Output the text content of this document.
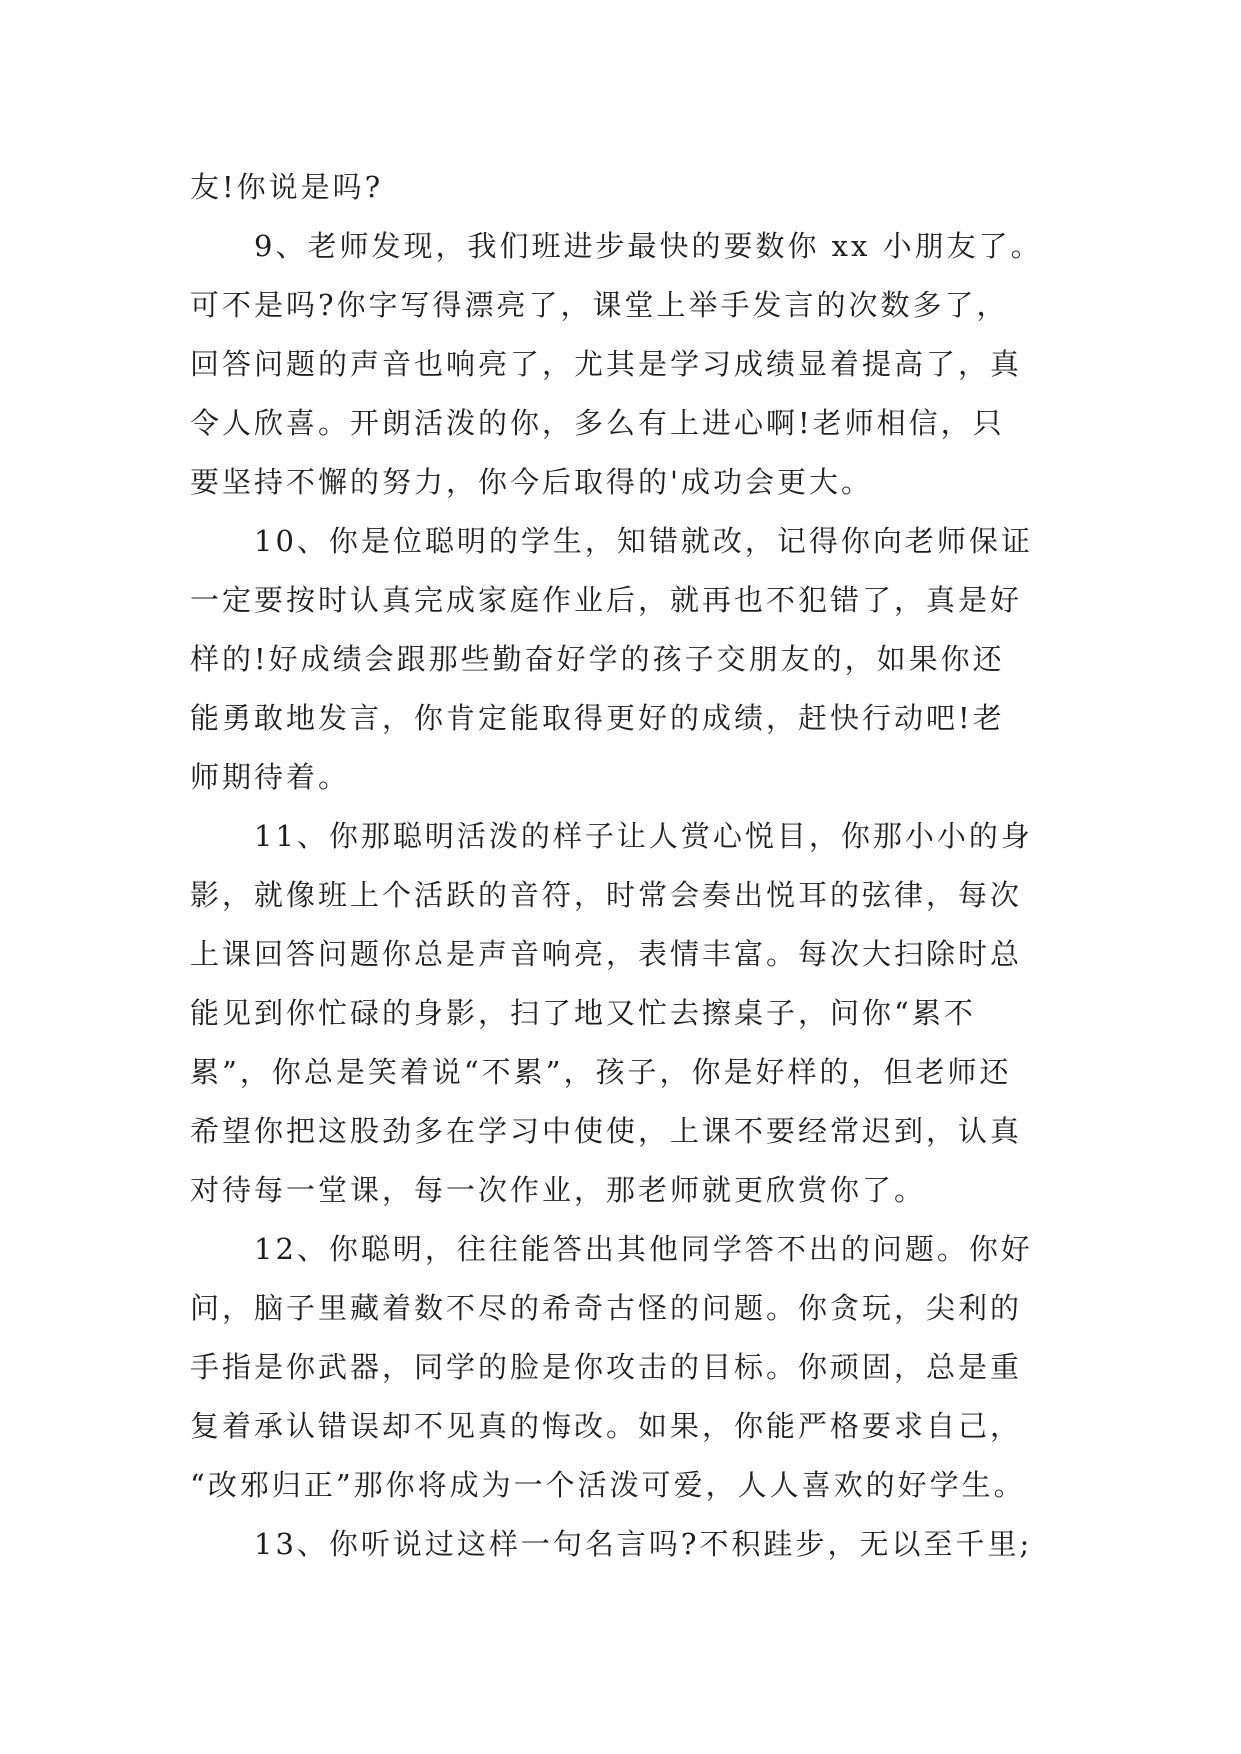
友!你说是吗?
9、老师发现，我们班进步最快的要数你 xx 小朋友了。
可不是吗?你字写得漂亮了，课堂上举手发言的次数多了，
回答问题的声音也响亮了，尤其是学习成绩显着提高了，真
令人欣喜。开朗活泼的你，多么有上进心啊!老师相信，只
要坚持不懈的努力，你今后取得的'成功会更大。
10、你是位聪明的学生，知错就改，记得你向老师保证
一定要按时认真完成家庭作业后，就再也不犯错了，真是好
样的!好成绩会跟那些勤奋好学的孩子交朋友的，如果你还
能勇敢地发言，你肯定能取得更好的成绩，赶快行动吧!老
师期待着。
11、你那聪明活泼的样子让人赏心悦目，你那小小的身
影，就像班上个活跃的音符，时常会奏出悦耳的弦律，每次
上课回答问题你总是声音响亮，表情丰富。每次大扫除时总
能见到你忙碌的身影，扫了地又忙去擦桌子，问你“累不
累”，你总是笑着说“不累”，孩子，你是好样的，但老师还
希望你把这股劲多在学习中使使，上课不要经常迟到，认真
对待每一堂课，每一次作业，那老师就更欣赏你了。
12、你聪明，往往能答出其他同学答不出的问题。你好
问，脑子里藏着数不尽的希奇古怪的问题。你贪玩，尖利的
手指是你武器，同学的脸是你攻击的目标。你顽固，总是重
复着承认错误却不见真的悔改。如果，你能严格要求自己，
“改邪归正”那你将成为一个活泼可爱，人人喜欢的好学生。
13、你听说过这样一句名言吗?不积跬步，无以至千里;
